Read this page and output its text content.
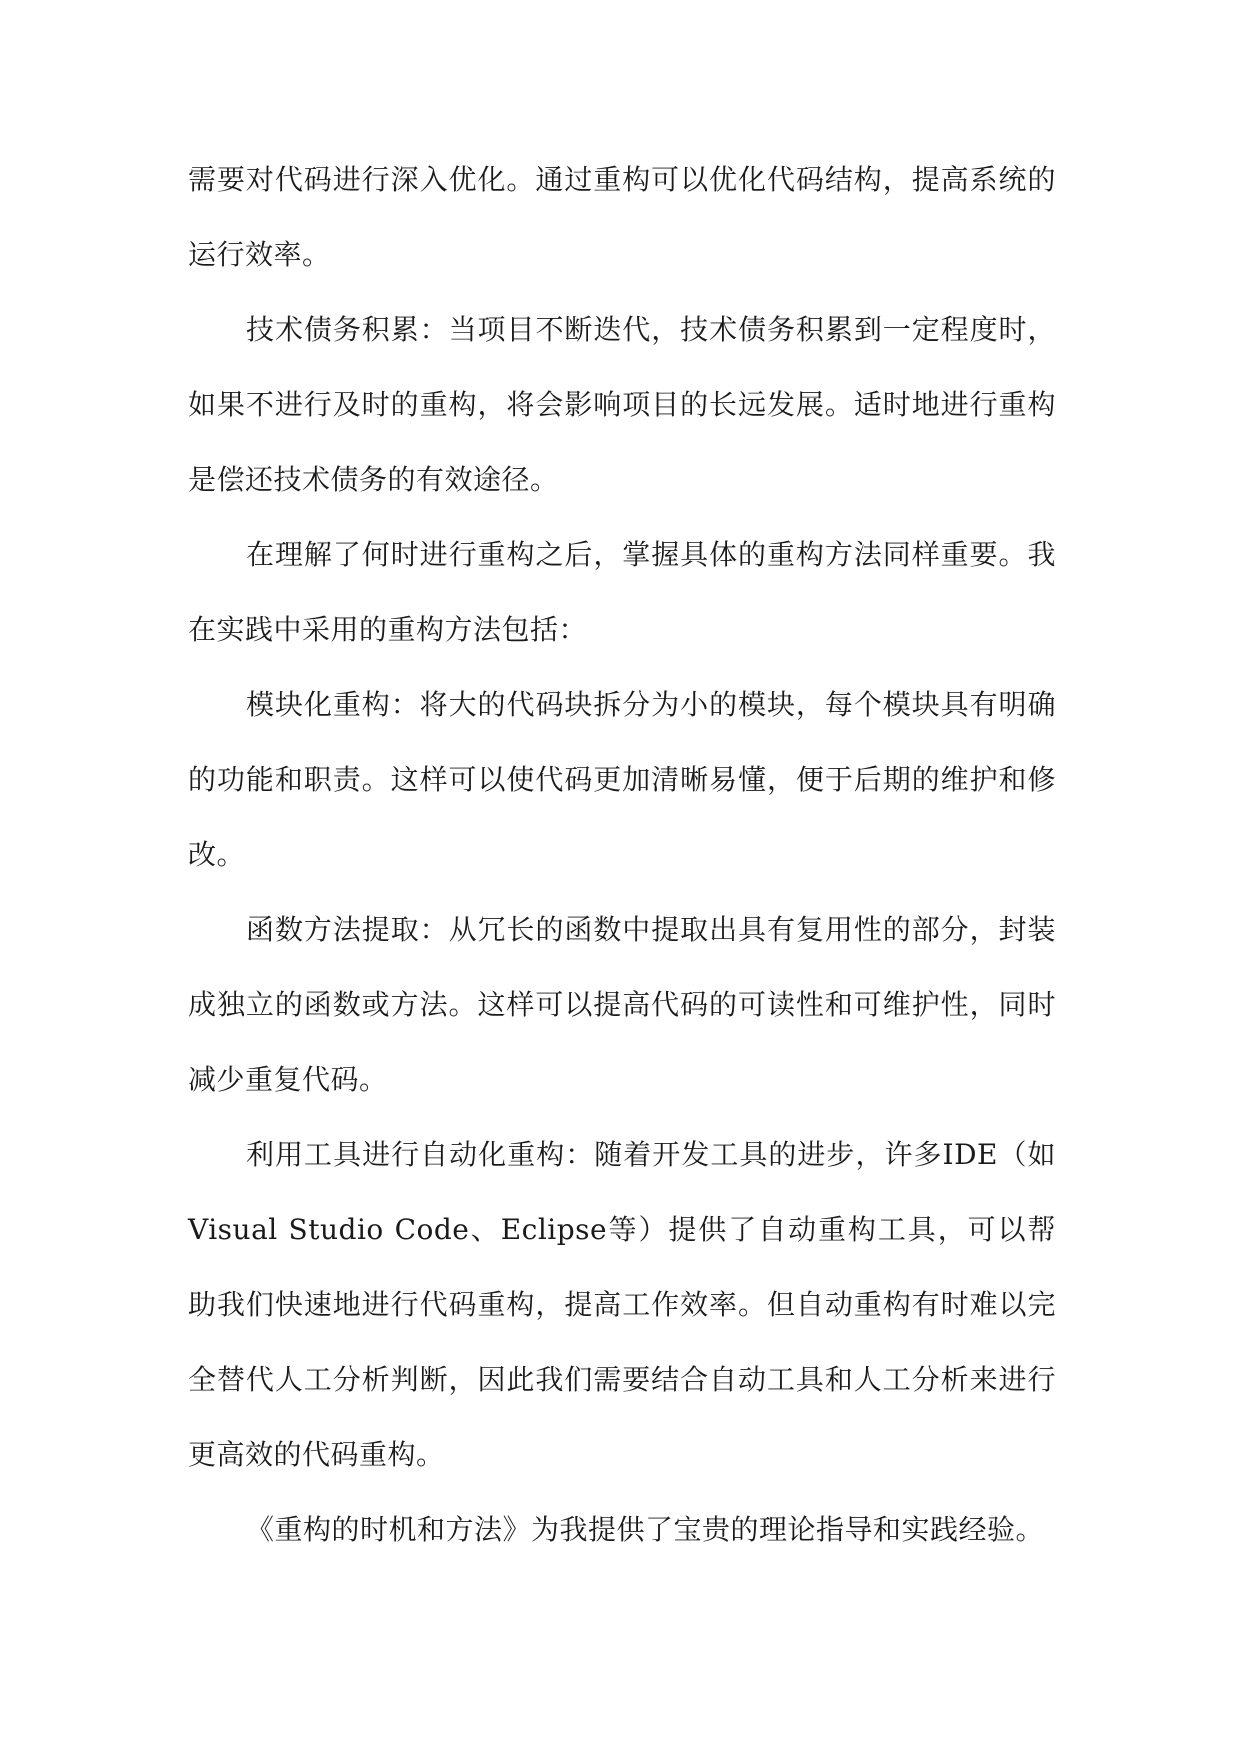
需要对代码进行深入优化。通过重构可以优化代码结构，提高系统的运行效率。

技术债务积累：当项目不断迭代，技术债务积累到一定程度时，如果不进行及时的重构，将会影响项目的长远发展。适时地进行重构是偿还技术债务的有效途径。

在理解了何时进行重构之后，掌握具体的重构方法同样重要。我在实践中采用的重构方法包括：

模块化重构：将大的代码块拆分为小的模块，每个模块具有明确的功能和职责。这样可以使代码更加清晰易懂，便于后期的维护和修改。

函数方法提取：从冗长的函数中提取出具有复用性的部分，封装成独立的函数或方法。这样可以提高代码的可读性和可维护性，同时减少重复代码。

利用工具进行自动化重构：随着开发工具的进步，许多IDE（如Visual Studio Code、Eclipse等）提供了自动重构工具，可以帮助我们快速地进行代码重构，提高工作效率。但自动重构有时难以完全替代人工分析判断，因此我们需要结合自动工具和人工分析来进行更高效的代码重构。

《重构的时机和方法》为我提供了宝贵的理论指导和实践经验。
